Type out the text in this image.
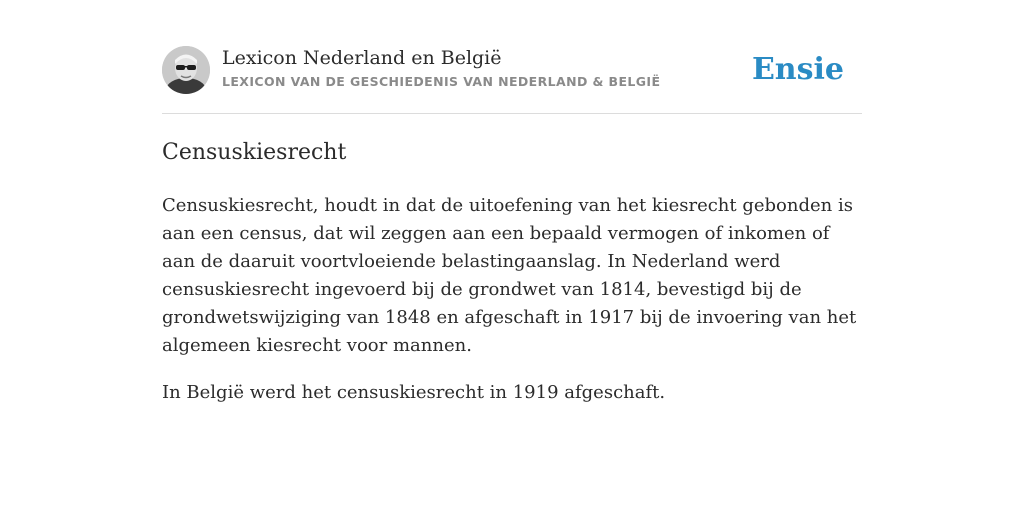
Lexicon Nederland en België
LEXICON VAN DE GESCHIEDENIS VAN NEDERLAND & BELGIË	Ensie
Censuskiesrecht

Censuskiesrecht, houdt in dat de uitoefening van het kiesrecht gebonden is aan een census, dat wil zeggen aan een bepaald vermogen of inkomen of aan de daaruit voortvloeiende belastingaanslag. In Nederland werd censuskiesrecht ingevoerd bij de grondwet van 1814, bevestigd bij de grondwetswijziging van 1848 en afgeschaft in 1917 bij de invoering van het algemeen kiesrecht voor mannen.

In België werd het censuskiesrecht in 1919 afgeschaft.
